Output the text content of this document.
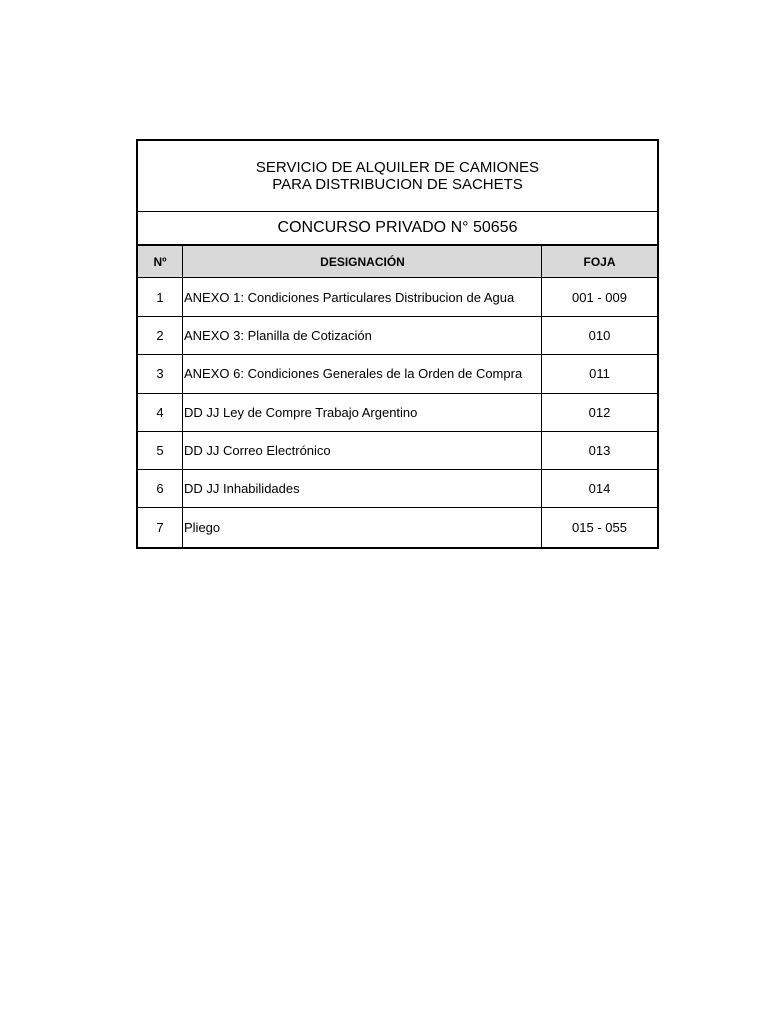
SERVICIO DE ALQUILER DE CAMIONES
PARA DISTRIBUCION DE SACHETS
CONCURSO PRIVADO N° 50656
Nº	DESIGNACIÓN	FOJA
1	ANEXO 1: Condiciones Particulares Distribucion de Agua	001 - 009
2	ANEXO 3: Planilla de Cotización	010
3	ANEXO 6: Condiciones Generales de la Orden de Compra	011
4	DD JJ Ley de Compre Trabajo Argentino	012
5	DD JJ Correo Electrónico	013
6	DD JJ Inhabilidades	014
7	Pliego	015 - 055
